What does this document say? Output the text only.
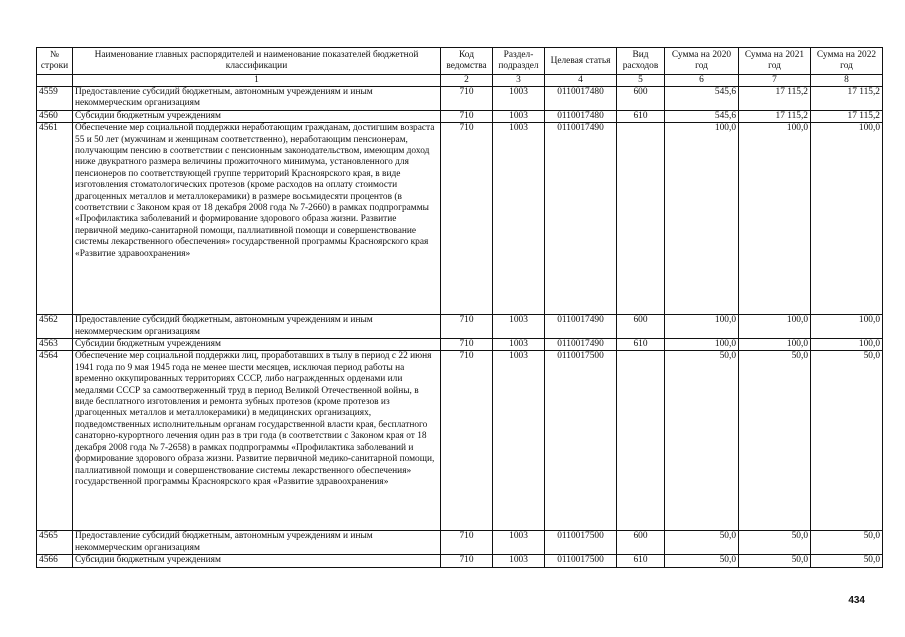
№ строки	Наименование главных распорядителей и наименование показателей бюджетной классификации	Код ведомства	Раздел-подраздел	Целевая статья	Вид расходов	Сумма на 2020 год	Сумма на 2021 год	Сумма на 2022 год
	1	2	3	4	5	6	7	8
4559	Предоставление субсидий бюджетным, автономным учреждениям и иным некоммерческим организациям	710	1003	0110017480	600	545,6	17 115,2	17 115,2
4560	Субсидии бюджетным учреждениям	710	1003	0110017480	610	545,6	17 115,2	17 115,2
4561	Обеспечение мер социальной поддержки неработающим гражданам, достигшим возраста 55 и 50 лет (мужчинам и женщинам соответственно), неработающим пенсионерам, получающим пенсию в соответствии с пенсионным законодательством, имеющим доход ниже двукратного размера величины прожиточного минимума, установленного для пенсионеров по соответствующей группе территорий Красноярского края, в виде изготовления стоматологических протезов (кроме расходов на оплату стоимости драгоценных металлов и металлокерамики) в размере восьмидесяти процентов (в соответствии с Законом края от 18 декабря 2008 года № 7-2660) в рамках подпрограммы «Профилактика заболеваний и формирование здорового образа жизни. Развитие первичной медико-санитарной помощи, паллиативной помощи и совершенствование системы лекарственного обеспечения» государственной программы Красноярского края «Развитие здравоохранения»	710	1003	0110017490		100,0	100,0	100,0
4562	Предоставление субсидий бюджетным, автономным учреждениям и иным некоммерческим организациям	710	1003	0110017490	600	100,0	100,0	100,0
4563	Субсидии бюджетным учреждениям	710	1003	0110017490	610	100,0	100,0	100,0
4564	Обеспечение мер социальной поддержки лиц, проработавших в тылу в период с 22 июня 1941 года по 9 мая 1945 года не менее шести месяцев, исключая период работы на временно оккупированных территориях СССР, либо награжденных орденами или медалями СССР за самоотверженный труд в период Великой Отечественной войны, в виде бесплатного изготовления и ремонта зубных протезов (кроме протезов из драгоценных металлов и металлокерамики) в медицинских организациях, подведомственных исполнительным органам государственной власти края, бесплатного санаторно-курортного лечения один раз в три года (в соответствии с Законом края от 18 декабря 2008 года № 7-2658) в рамках подпрограммы «Профилактика заболеваний и формирование здорового образа жизни. Развитие первичной медико-санитарной помощи, паллиативной помощи и совершенствование системы лекарственного обеспечения» государственной программы Красноярского края «Развитие здравоохранения»	710	1003	0110017500		50,0	50,0	50,0
4565	Предоставление субсидий бюджетным, автономным учреждениям и иным некоммерческим организациям	710	1003	0110017500	600	50,0	50,0	50,0
4566	Субсидии бюджетным учреждениям	710	1003	0110017500	610	50,0	50,0	50,0
434
